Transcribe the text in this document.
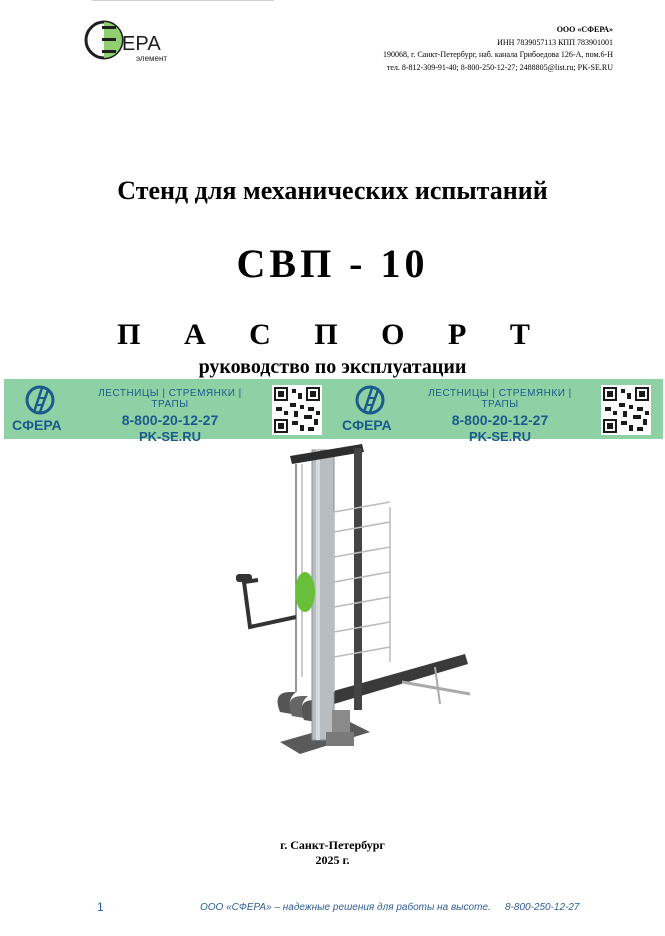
ЕРА
элемент
ООО «СФЕРА»
ИНН 7839057113 КПП 783901001
190068, г. Санкт-Петербург, наб. канала Грибоедова 126-А, пом.6-Н
тел. 8-812-309-91-40; 8-800-250-12-27; 2488805@list.ru; PK-SE.RU
Стенд для механических испытаний
СВП - 10
П А С П О Р Т
руководство по эксплуатации
СФЕРА
ЛЕСТНИЦЫ | СТРЕМЯНКИ | ТРАПЫ
8-800-20-12-27
PK-SE.RU
СФЕРА
ЛЕСТНИЦЫ | СТРЕМЯНКИ | ТРАПЫ
8-800-20-12-27
PK-SE.RU
г. Санкт-Петербург
2025 г.
1	ООО «СФЕРА» – надежные решения для работы на высоте. 8-800-250-12-27
